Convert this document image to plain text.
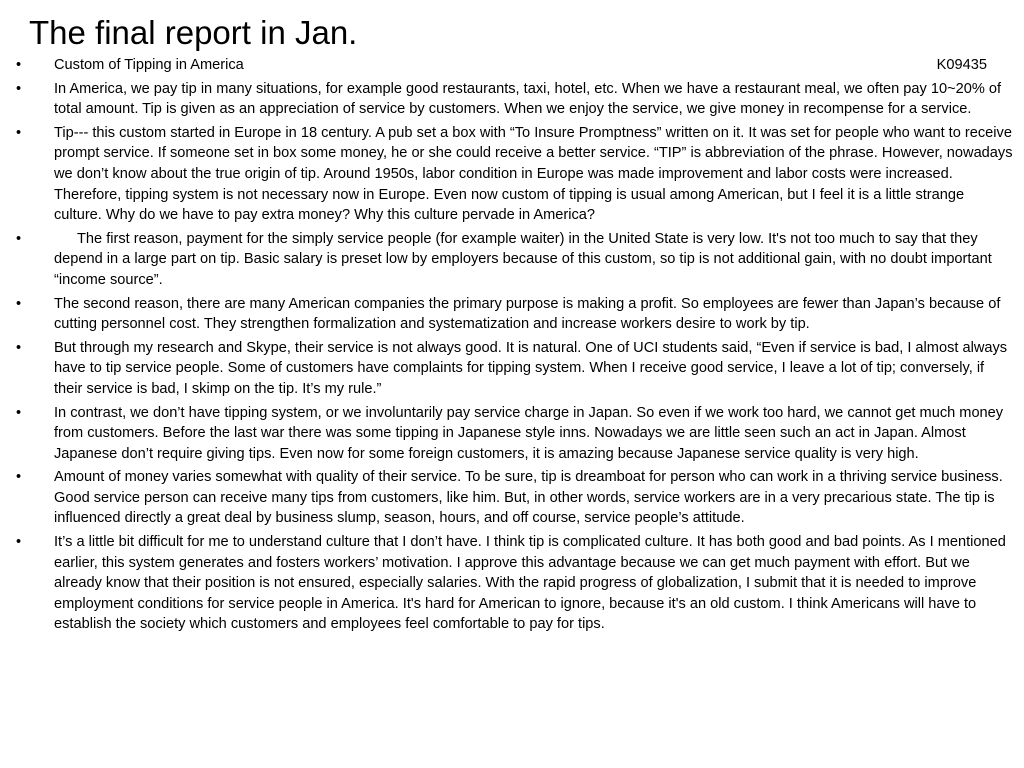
The final report in Jan.
• Custom of Tipping in America	K09435
• In America, we pay tip in many situations, for example good restaurants, taxi, hotel, etc. When we have a restaurant meal, we often pay 10~20% of total amount. Tip is given as an appreciation of service by customers. When we enjoy the service, we give money in recompense for a service.
• Tip--- this custom started in Europe in 18 century. A pub set a box with “To Insure Promptness” written on it. It was set for people who want to receive prompt service. If someone set in box some money, he or she could receive a better service. “TIP” is abbreviation of the phrase. However, nowadays we don’t know about the true origin of tip. Around 1950s, labor condition in Europe was made improvement and labor costs were increased. Therefore, tipping system is not necessary now in Europe. Even now custom of tipping is usual among American, but I feel it is a little strange culture. Why do we have to pay extra money? Why this culture pervade in America?
•	The first reason, payment for the simply service people (for example waiter) in the United State is very low. It's not too much to say that they depend in a large part on tip. Basic salary is preset low by employers because of this custom, so tip is not additional gain, with no doubt important “income source”.
• The second reason, there are many American companies the primary purpose is making a profit. So employees are fewer than Japan’s because of cutting personnel cost. They strengthen formalization and systematization and increase workers desire to work by tip.
• But through my research and Skype, their service is not always good. It is natural. One of UCI students said, “Even if service is bad, I almost always have to tip service people. Some of customers have complaints for tipping system. When I receive good service, I leave a lot of tip; conversely, if their service is bad, I skimp on the tip. It’s my rule.”
• In contrast, we don’t have tipping system, or we involuntarily pay service charge in Japan. So even if we work too hard, we cannot get much money from customers. Before the last war there was some tipping in Japanese style inns. Nowadays we are little seen such an act in Japan. Almost Japanese don’t require giving tips. Even now for some foreign customers, it is amazing because Japanese service quality is very high.
• Amount of money varies somewhat with quality of their service. To be sure, tip is dreamboat for person who can work in a thriving service business. Good service person can receive many tips from customers, like him. But, in other words, service workers are in a very precarious state. The tip is influenced directly a great deal by business slump, season, hours, and off course, service people’s attitude.
• It’s a little bit difficult for me to understand culture that I don’t have. I think tip is complicated culture. It has both good and bad points. As I mentioned earlier, this system generates and fosters workers’ motivation. I approve this advantage because we can get much payment with effort. But we already know that their position is not ensured, especially salaries. With the rapid progress of globalization, I submit that it is needed to improve employment conditions for service people in America. It's hard for American to ignore, because it's an old custom. I think Americans will have to establish the society which customers and employees feel comfortable to pay for tips.
